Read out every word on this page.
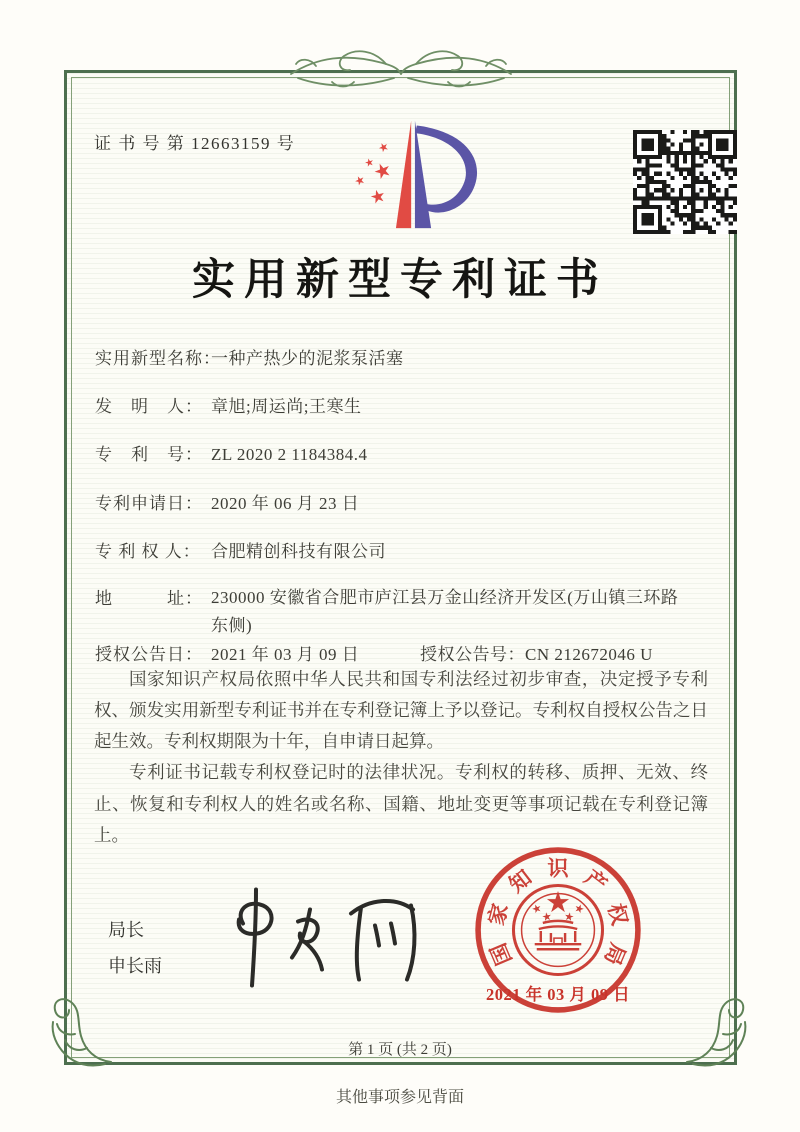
证 书 号 第 12663159 号
实用新型专利证书
实用新型名称：一种产热少的泥浆泵活塞
发　明　人： 章旭;周运尚;王寒生
专　利　号： ZL 2020 2 1184384.4
专利申请日： 2020 年 06 月 23 日
专 利 权 人： 合肥精创科技有限公司
地　　　址： 230000 安徽省合肥市庐江县万金山经济开发区(万山镇三环路东侧)
授权公告日： 2021 年 03 月 09 日	授权公告号：CN 212672046 U

国家知识产权局依照中华人民共和国专利法经过初步审查，决定授予专利权、颁发实用新型专利证书并在专利登记簿上予以登记。专利权自授权公告之日起生效。专利权期限为十年，自申请日起算。

专利证书记载专利权登记时的法律状况。专利权的转移、质押、无效、终止、恢复和专利权人的姓名或名称、国籍、地址变更等事项记载在专利登记簿上。

局长
申长雨	国
家
知 识 产
权
局
2021 年 03 月 09 日
第 1 页 (共 2 页)
其他事项参见背面
